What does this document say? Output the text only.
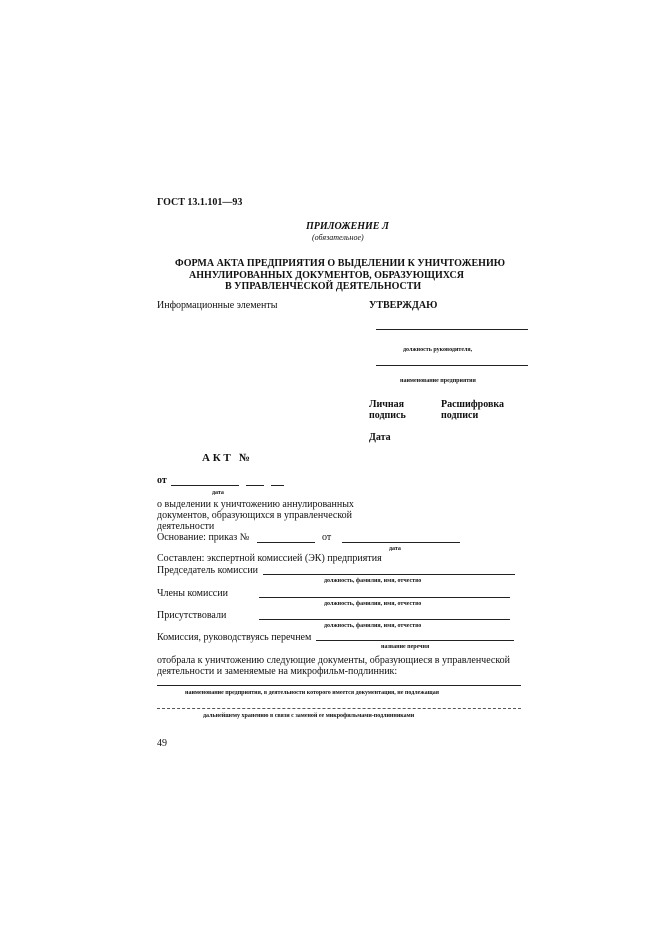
ГОСТ 13.1.101—93
ПРИЛОЖЕНИЕ Л
(обязательное)
ФОРМА АКТА ПРЕДПРИЯТИЯ О ВЫДЕЛЕНИИ К УНИЧТОЖЕНИЮ
АННУЛИРОВАННЫХ ДОКУМЕНТОВ, ОБРАЗУЮЩИХСЯ
В УПРАВЛЕНЧЕСКОЙ ДЕЯТЕЛЬНОСТИ
Информационные элементы	УТВЕРЖДАЮ
должность руководителя,
наименование предприятия
Личная
подпись
Расшифровка
подписи
Дата
А К Т   №
от
дата
о выделении к уничтожению аннулированных
документов, образующихся в управленческой
деятельности
Основание: приказ №	от
дата
Составлен: экспертной комиссией (ЭК) предприятия
Председатель комиссии
должность, фамилия, имя, отчество
Члены комиссии
должность, фамилия, имя, отчество
Присутствовали
должность, фамилия, имя, отчество
Комиссия, руководствуясь перечнем
название перечня
отобрала к уничтожению следующие документы, образующиеся в управленческой
деятельности и заменяемые на микрофильм-подлинник:
наименование предприятия, в деятельности которого имеется документация, не подлежащая
дальнейшему хранению в связи с заменой ее микрофильмами-подлинниками
49
